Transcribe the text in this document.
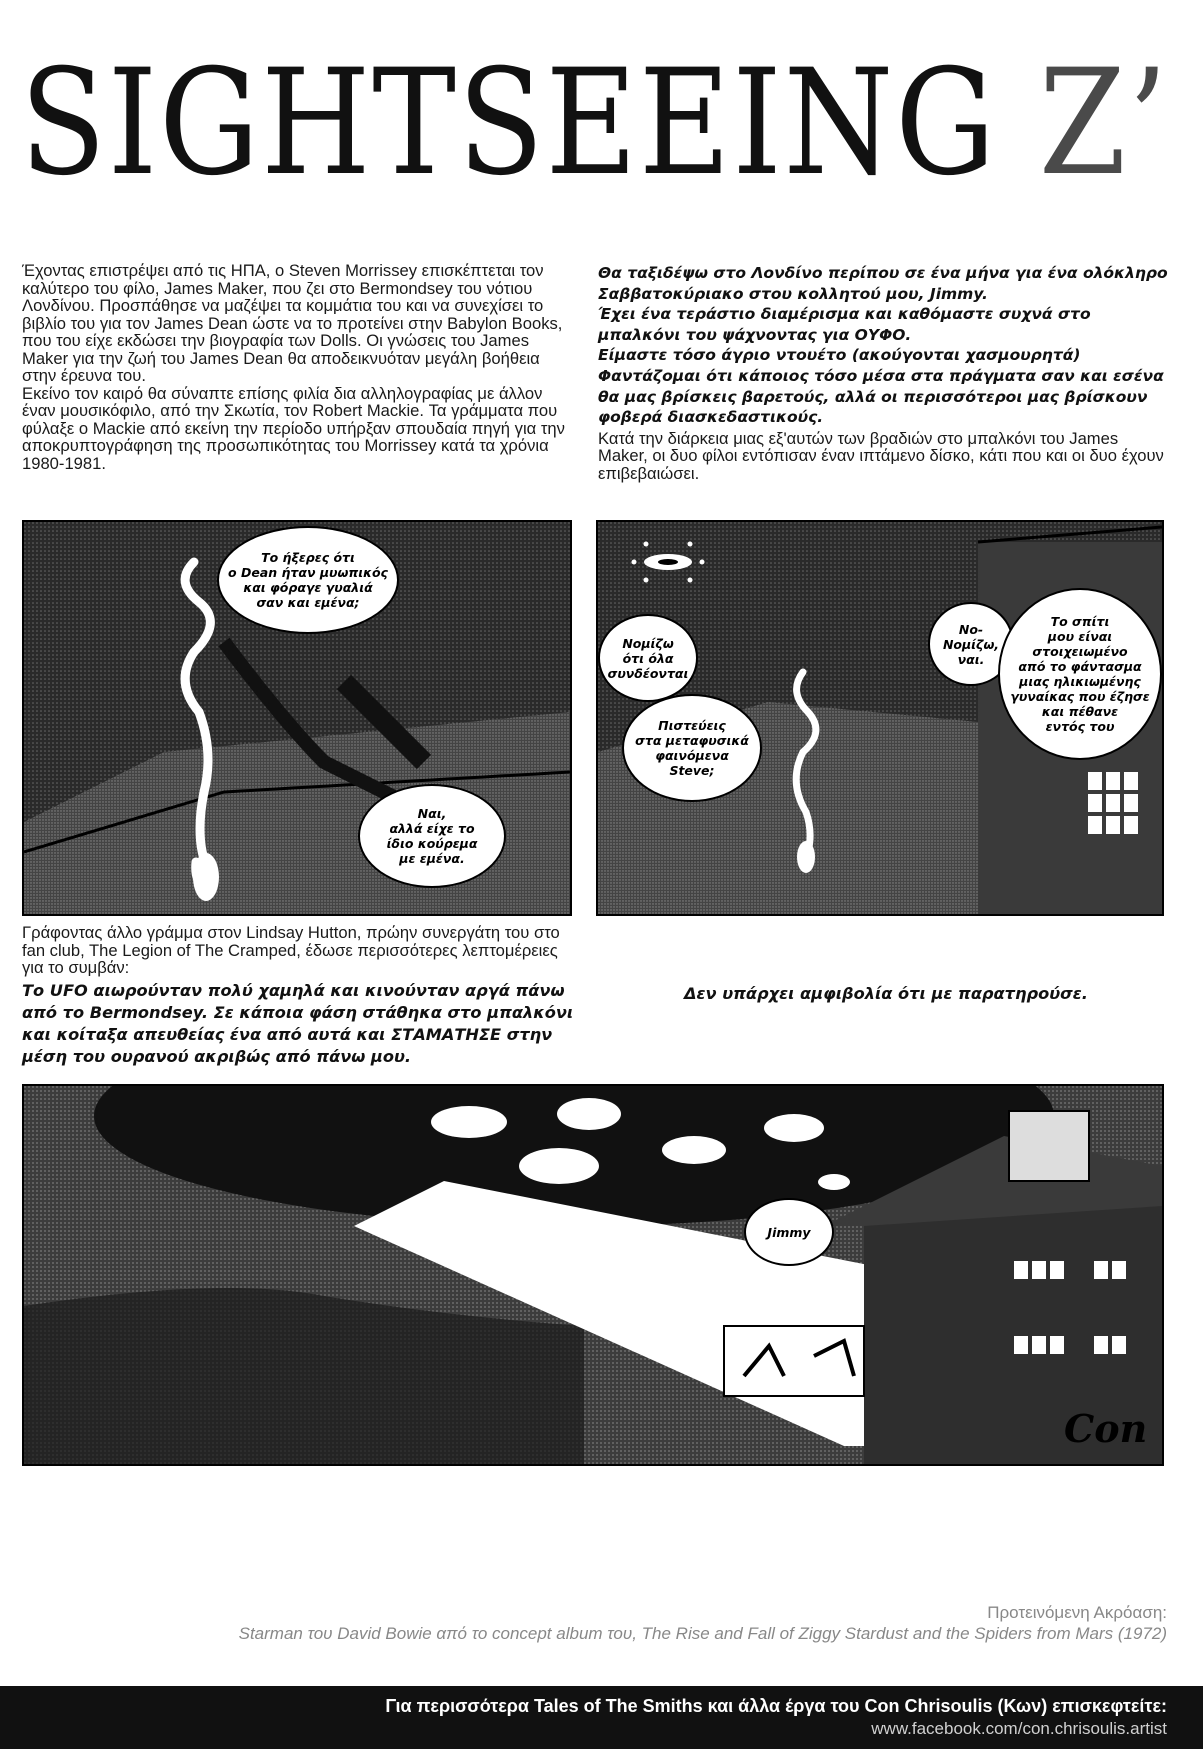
SIGHTSEEING Z’

Έχοντας επιστρέψει από τις ΗΠΑ, ο Steven Morrissey επισκέπτεται τον καλύτερο του φίλο, James Maker, που ζει στο Bermondsey του νότιου Λονδίνου. Προσπάθησε να μαζέψει τα κομμάτια του και να συνεχίσει το βιβλίο του για τον James Dean ώστε να το προτείνει στην Babylon Books, που του είχε εκδώσει την βιογραφία των Dolls. Οι γνώσεις του James Maker για την ζωή του James Dean θα αποδεικνυόταν μεγάλη βοήθεια στην έρευνα του.

Εκείνο τον καιρό θα σύναπτε επίσης φιλία δια αλληλογραφίας με άλλον έναν μουσικόφιλο, από την Σκωτία, τον Robert Mackie. Τα γράμματα που φύλαξε ο Mackie από εκείνη την περίοδο υπήρξαν σπουδαία πηγή για την αποκρυπτογράφηση της προσωπικότητας του Morrissey κατά τα χρόνια 1980-1981.

Θα ταξιδέψω στο Λονδίνο περίπου σε ένα μήνα για ένα ολόκληρο Σαββατοκύριακο στου κολλητού μου, Jimmy.
Έχει ένα τεράστιο διαμέρισμα και καθόμαστε συχνά στο μπαλκόνι του ψάχνοντας για ΟΥΦΟ.
Είμαστε τόσο άγριο ντουέτο (ακούγονται χασμουρητά)
Φαντάζομαι ότι κάποιος τόσο μέσα στα πράγματα σαν και εσένα θα μας βρίσκεις βαρετούς, αλλά οι περισσότεροι μας βρίσκουν φοβερά διασκεδαστικούς.
Κατά την διάρκεια μιας εξ'αυτών των βραδιών στο μπαλκόνι του James Maker, οι δυο φίλοι εντόπισαν έναν ιπτάμενο δίσκο, κάτι που και οι δυο έχουν επιβεβαιώσει.
Το ήξερες ότι
ο Dean ήταν μυωπικός
και φόραγε γυαλιά
σαν και εμένα;
Ναι,
αλλά είχε το
ίδιο κούρεμα
με εμένα.
Νομίζω
ότι όλα
συνδέονται
Πιστεύεις
στα μεταφυσικά
φαινόμενα
Steve;
Νο-
Νομίζω,
ναι.
Το σπίτι
μου είναι
στοιχειωμένο
από το φάντασμα
μιας ηλικιωμένης
γυναίκας που έζησε
και πέθανε
εντός του
Γράφοντας άλλο γράμμα στον Lindsay Hutton, πρώην συνεργάτη του στο fan club, The Legion of The Cramped, έδωσε περισσότερες λεπτομέρειες για το συμβάν:
Το UFO αιωρούνταν πολύ χαμηλά και κινούνταν αργά πάνω από το Bermondsey. Σε κάποια φάση στάθηκα στο μπαλκόνι και κοίταξα απευθείας ένα από αυτά και ΣΤΑΜΑΤΗΣΕ στην μέση του ουρανού ακριβώς από πάνω μου.
Δεν υπάρχει αμφιβολία ότι με παρατηρούσε.
Jimmy
Con
Προτεινόμενη Ακρόαση:
Starman του David Bowie από το concept album του, The Rise and Fall of Ziggy Stardust and the Spiders from Mars (1972)
Για περισσότερα Tales of The Smiths και άλλα έργα του Con Chrisoulis (Κων) επισκεφτείτε:
www.facebook.com/con.chrisoulis.artist
